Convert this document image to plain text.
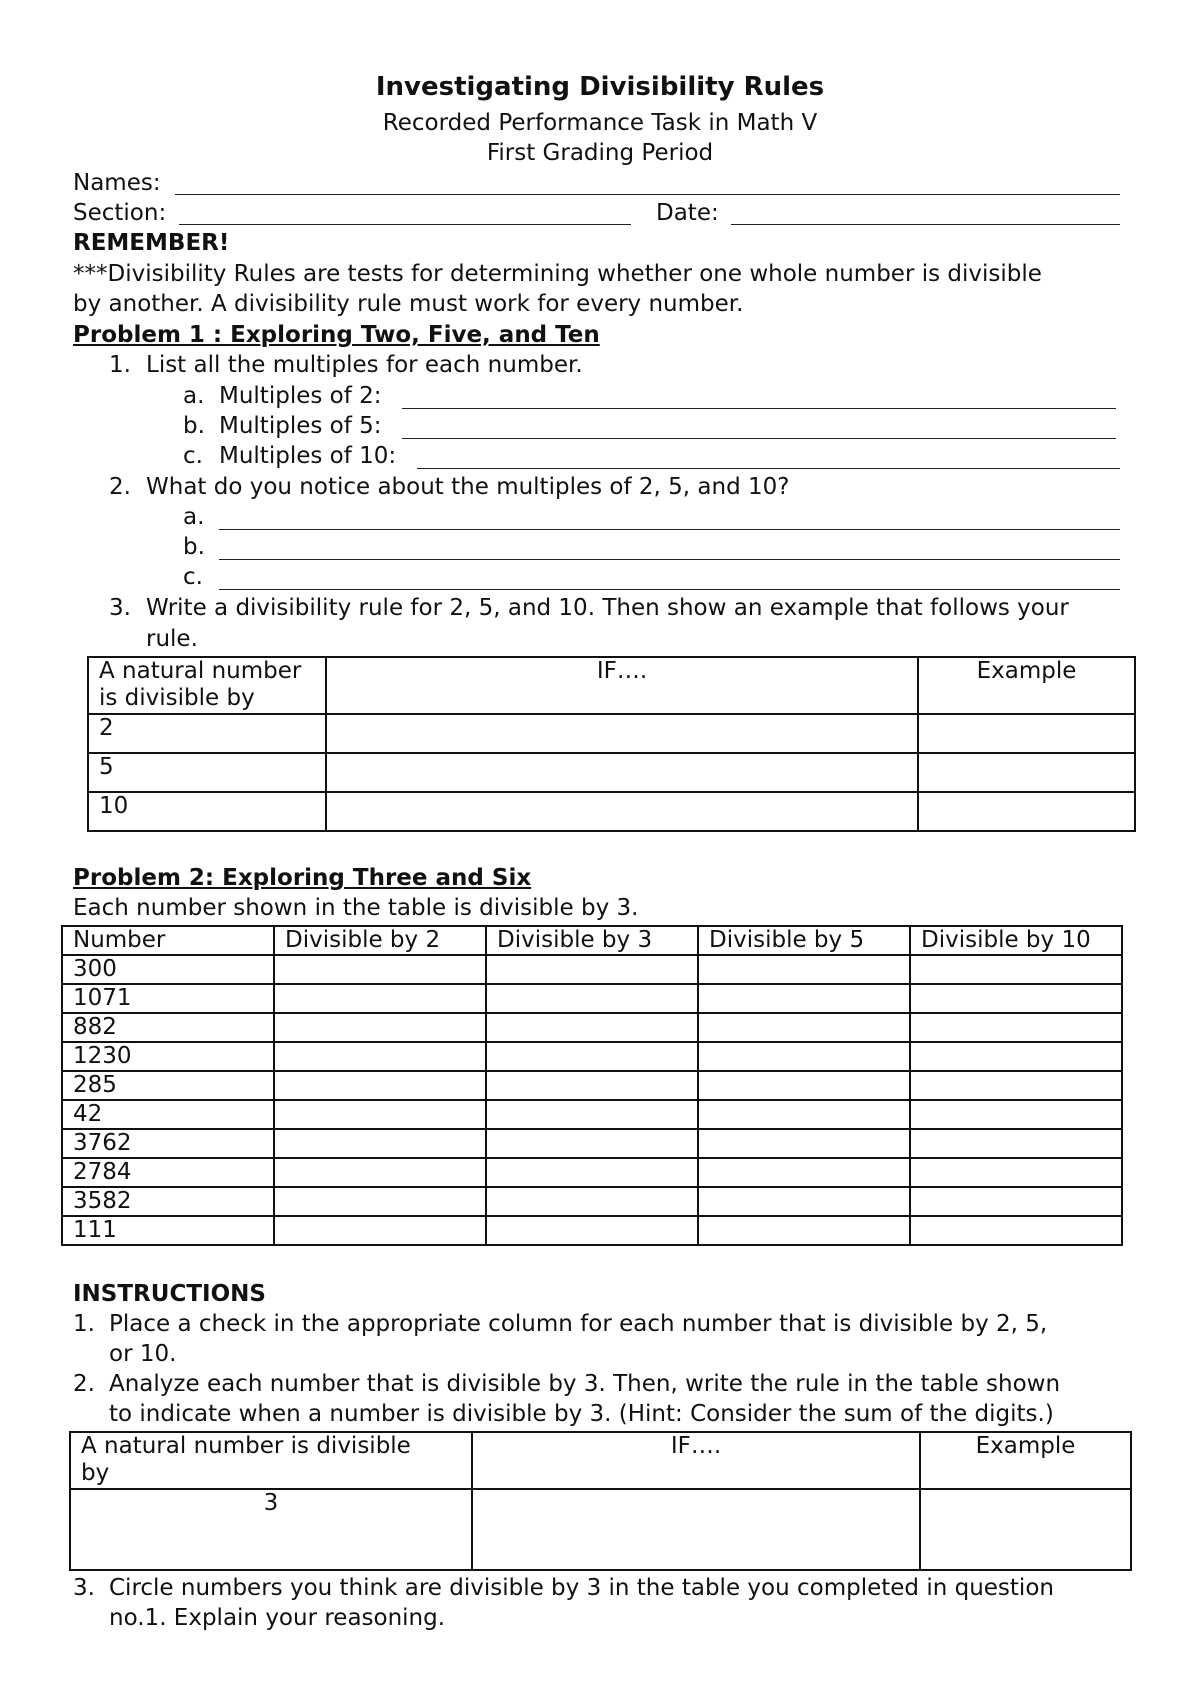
Investigating Divisibility Rules
Recorded Performance Task in Math V
First Grading Period
Names:
Section:	Date:
REMEMBER!
***Divisibility Rules are tests for determining whether one whole number is divisible
by another. A divisibility rule must work for every number.
Problem 1 : Exploring Two, Five, and Ten
1. List all the multiples for each number.
a. Multiples of 2:
b. Multiples of 5:
c. Multiples of 10:
2. What do you notice about the multiples of 2, 5, and 10?
a.
b.
c.
3. Write a divisibility rule for 2, 5, and 10. Then show an example that follows your
rule.
A natural number
is divisible by	IF….	Example
2		
5		
10		
Problem 2: Exploring Three and Six
Each number shown in the table is divisible by 3.
Number	Divisible by 2	Divisible by 3	Divisible by 5	Divisible by 10
300				
1071				
882				
1230				
285				
42				
3762				
2784				
3582				
111				
INSTRUCTIONS
1. Place a check in the appropriate column for each number that is divisible by 2, 5,
or 10.
2. Analyze each number that is divisible by 3. Then, write the rule in the table shown
to indicate when a number is divisible by 3. (Hint: Consider the sum of the digits.)
A natural number is divisible
by	IF….	Example
3		
3. Circle numbers you think are divisible by 3 in the table you completed in question
no.1. Explain your reasoning.
